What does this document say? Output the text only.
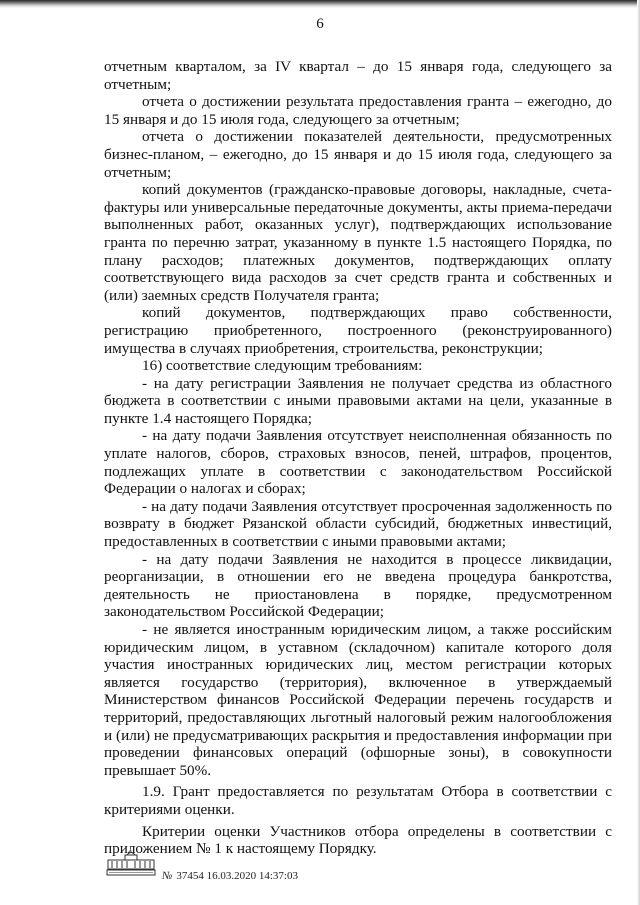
6

отчетным кварталом, за IV квартал – до 15 января года, следующего за отчетным;

отчета о достижении результата предоставления гранта – ежегодно, до 15 января и до 15 июля года, следующего за отчетным;

отчета о достижении показателей деятельности, предусмотренных бизнес-планом, – ежегодно, до 15 января и до 15 июля года, следующего за отчетным;

копий документов (гражданско-правовые договоры, накладные, счета-фактуры или универсальные передаточные документы, акты приема-передачи выполненных работ, оказанных услуг), подтверждающих использование гранта по перечню затрат, указанному в пункте 1.5 настоящего Порядка, по плану расходов; платежных документов, подтверждающих оплату соответствующего вида расходов за счет средств гранта и собственных и (или) заемных средств Получателя гранта;

копий документов, подтверждающих право собственности, регистрацию приобретенного, построенного (реконструированного) имущества в случаях приобретения, строительства, реконструкции;

16) соответствие следующим требованиям:

- на дату регистрации Заявления не получает средства из областного бюджета в соответствии с иными правовыми актами на цели, указанные в пункте 1.4 настоящего Порядка;

- на дату подачи Заявления отсутствует неисполненная обязанность по уплате налогов, сборов, страховых взносов, пеней, штрафов, процентов, подлежащих уплате в соответствии с законодательством Российской Федерации о налогах и сборах;

- на дату подачи Заявления отсутствует просроченная задолженность по возврату в бюджет Рязанской области субсидий, бюджетных инвестиций, предоставленных в соответствии с иными правовыми актами;

- на дату подачи Заявления не находится в процессе ликвидации, реорганизации, в отношении его не введена процедура банкротства, деятельность не приостановлена в порядке, предусмотренном законодательством Российской Федерации;

- не является иностранным юридическим лицом, а также российским юридическим лицом, в уставном (складочном) капитале которого доля участия иностранных юридических лиц, местом регистрации которых является государство (территория), включенное в утверждаемый Министерством финансов Российской Федерации перечень государств и территорий, предоставляющих льготный налоговый режим налогообложения и (или) не предусматривающих раскрытия и предоставления информации при проведении финансовых операций (офшорные зоны), в совокупности превышает 50%.

1.9. Грант предоставляется по результатам Отбора в соответствии с критериями оценки.

Критерии оценки Участников отбора определены в соответствии с приложением № 1 к настоящему Порядку.

№ 37454 16.03.2020 14:37:03
